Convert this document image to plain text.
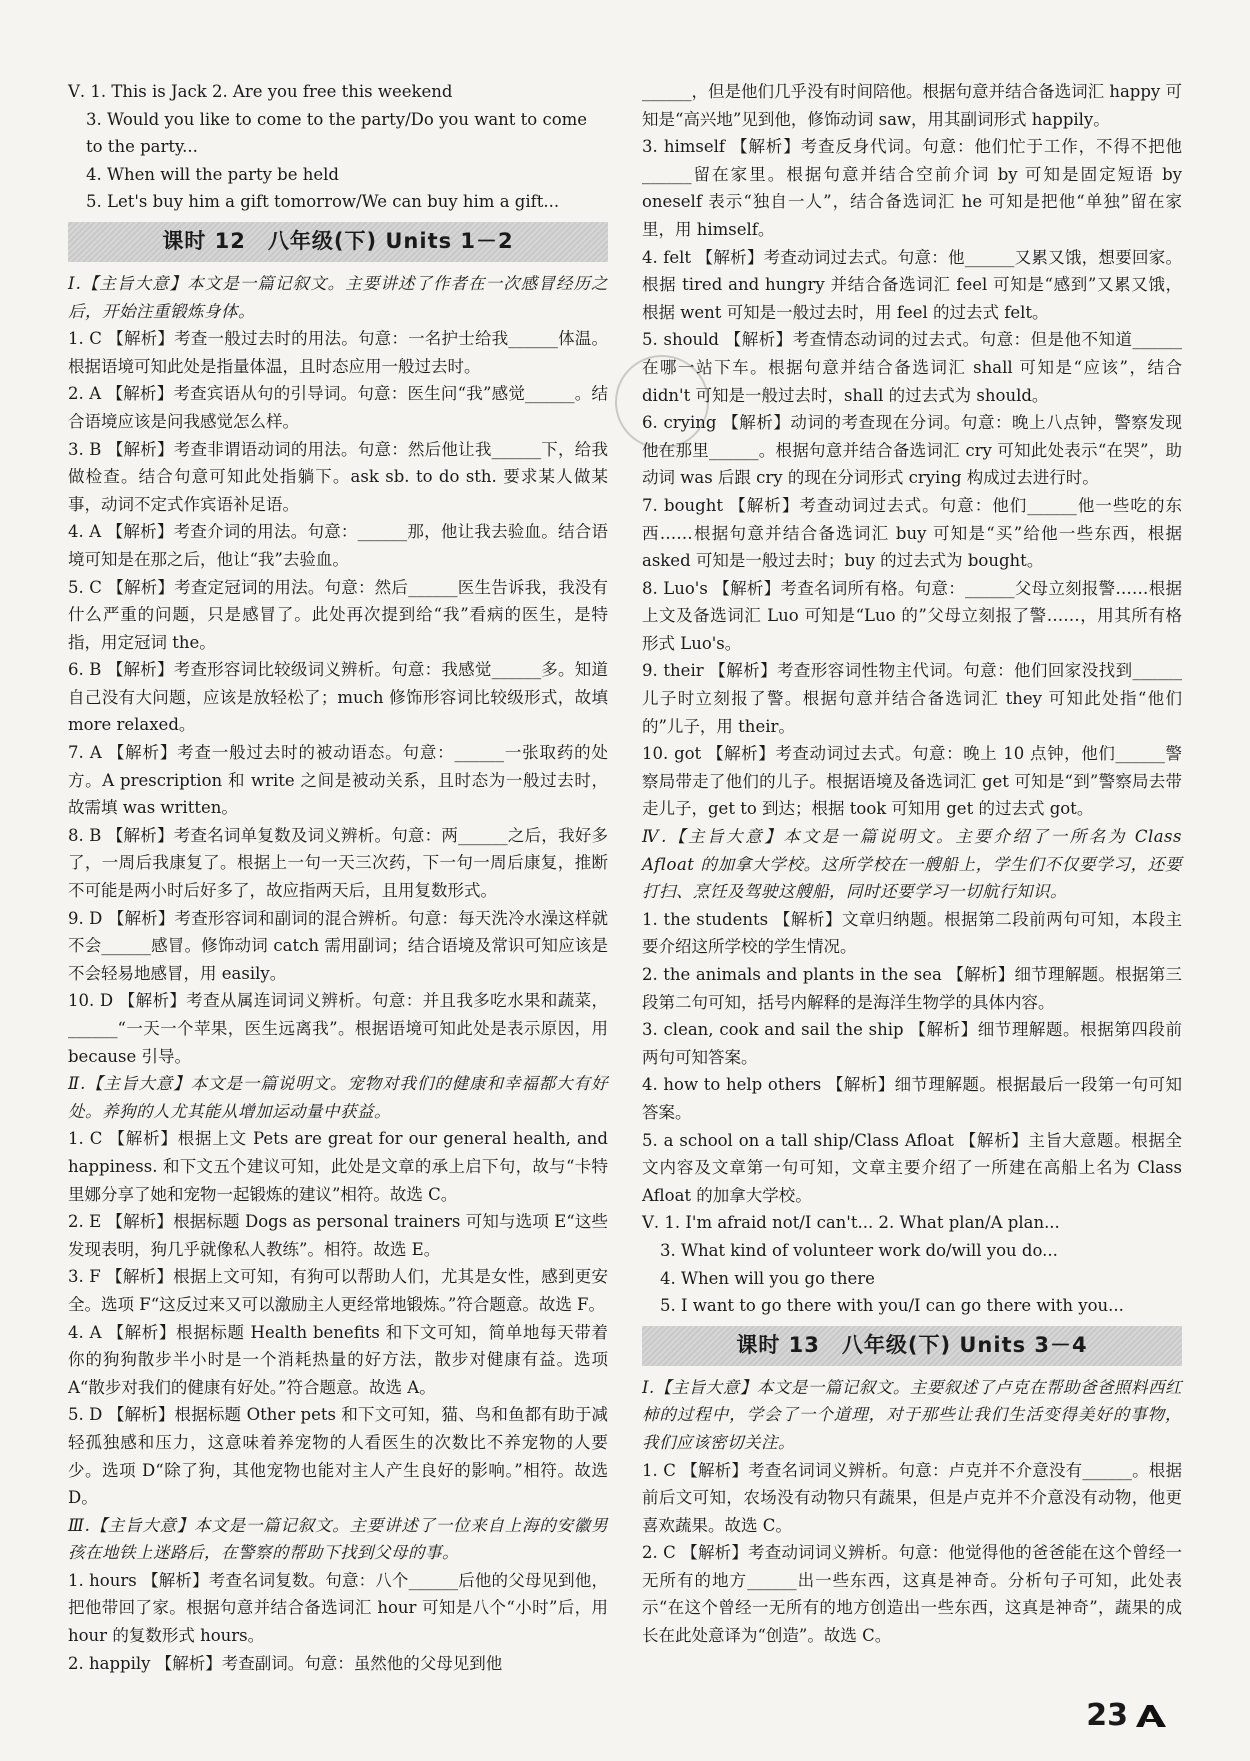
Ⅴ. 1. This is Jack 2. Are you free this weekend

3. Would you like to come to the party/Do you want to come

to the party...

4. When will the party be held

5. Let's buy him a gift tomorrow/We can buy him a gift...

课时 12　八年级(下) Units 1－2

Ⅰ.【主旨大意】本文是一篇记叙文。主要讲述了作者在一次感冒经历之后，开始注重锻炼身体。

1. C 【解析】考查一般过去时的用法。句意：一名护士给我______体温。根据语境可知此处是指量体温，且时态应用一般过去时。

2. A 【解析】考查宾语从句的引导词。句意：医生问“我”感觉______。结合语境应该是问我感觉怎么样。

3. B 【解析】考查非谓语动词的用法。句意：然后他让我______下，给我做检查。结合句意可知此处指躺下。ask sb. to do sth. 要求某人做某事，动词不定式作宾语补足语。

4. A 【解析】考查介词的用法。句意：______那，他让我去验血。结合语境可知是在那之后，他让“我”去验血。

5. C 【解析】考查定冠词的用法。句意：然后______医生告诉我，我没有什么严重的问题，只是感冒了。此处再次提到给“我”看病的医生，是特指，用定冠词 the。

6. B 【解析】考查形容词比较级词义辨析。句意：我感觉______多。知道自己没有大问题，应该是放轻松了；much 修饰形容词比较级形式，故填 more relaxed。

7. A 【解析】考查一般过去时的被动语态。句意：______一张取药的处方。A prescription 和 write 之间是被动关系，且时态为一般过去时，故需填 was written。

8. B 【解析】考查名词单复数及词义辨析。句意：两______之后，我好多了，一周后我康复了。根据上一句一天三次药，下一句一周后康复，推断不可能是两小时后好多了，故应指两天后，且用复数形式。

9. D 【解析】考查形容词和副词的混合辨析。句意：每天洗冷水澡这样就不会______感冒。修饰动词 catch 需用副词；结合语境及常识可知应该是不会轻易地感冒，用 easily。

10. D 【解析】考查从属连词词义辨析。句意：并且我多吃水果和蔬菜，______“一天一个苹果，医生远离我”。根据语境可知此处是表示原因，用 because 引导。

Ⅱ.【主旨大意】本文是一篇说明文。宠物对我们的健康和幸福都大有好处。养狗的人尤其能从增加运动量中获益。

1. C 【解析】根据上文 Pets are great for our general health, and happiness. 和下文五个建议可知，此处是文章的承上启下句，故与“卡特里娜分享了她和宠物一起锻炼的建议”相符。故选 C。

2. E 【解析】根据标题 Dogs as personal trainers 可知与选项 E“这些发现表明，狗几乎就像私人教练”。相符。故选 E。

3. F 【解析】根据上文可知，有狗可以帮助人们，尤其是女性，感到更安全。选项 F“这反过来又可以激励主人更经常地锻炼。”符合题意。故选 F。

4. A 【解析】根据标题 Health benefits 和下文可知，简单地每天带着你的狗狗散步半小时是一个消耗热量的好方法，散步对健康有益。选项 A“散步对我们的健康有好处。”符合题意。故选 A。

5. D 【解析】根据标题 Other pets 和下文可知，猫、鸟和鱼都有助于减轻孤独感和压力，这意味着养宠物的人看医生的次数比不养宠物的人要少。选项 D“除了狗，其他宠物也能对主人产生良好的影响。”相符。故选 D。

Ⅲ.【主旨大意】本文是一篇记叙文。主要讲述了一位来自上海的安徽男孩在地铁上迷路后，在警察的帮助下找到父母的事。

1. hours 【解析】考查名词复数。句意：八个______后他的父母见到他，把他带回了家。根据句意并结合备选词汇 hour 可知是八个“小时”后，用 hour 的复数形式 hours。

2. happily 【解析】考查副词。句意：虽然他的父母见到他

______，但是他们几乎没有时间陪他。根据句意并结合备选词汇 happy 可知是“高兴地”见到他，修饰动词 saw，用其副词形式 happily。

3. himself 【解析】考查反身代词。句意：他们忙于工作，不得不把他______留在家里。根据句意并结合空前介词 by 可知是固定短语 by oneself 表示“独自一人”，结合备选词汇 he 可知是把他“单独”留在家里，用 himself。

4. felt 【解析】考查动词过去式。句意：他______又累又饿，想要回家。根据 tired and hungry 并结合备选词汇 feel 可知是“感到”又累又饿，根据 went 可知是一般过去时，用 feel 的过去式 felt。

5. should 【解析】考查情态动词的过去式。句意：但是他不知道______在哪一站下车。根据句意并结合备选词汇 shall 可知是“应该”，结合 didn't 可知是一般过去时，shall 的过去式为 should。

6. crying 【解析】动词的考查现在分词。句意：晚上八点钟，警察发现他在那里______。根据句意并结合备选词汇 cry 可知此处表示“在哭”，助动词 was 后跟 cry 的现在分词形式 crying 构成过去进行时。

7. bought 【解析】考查动词过去式。句意：他们______他一些吃的东西……根据句意并结合备选词汇 buy 可知是“买”给他一些东西，根据 asked 可知是一般过去时；buy 的过去式为 bought。

8. Luo's 【解析】考查名词所有格。句意：______父母立刻报警……根据上文及备选词汇 Luo 可知是“Luo 的”父母立刻报了警……，用其所有格形式 Luo's。

9. their 【解析】考查形容词性物主代词。句意：他们回家没找到______儿子时立刻报了警。根据句意并结合备选词汇 they 可知此处指“他们的”儿子，用 their。

10. got 【解析】考查动词过去式。句意：晚上 10 点钟，他们______警察局带走了他们的儿子。根据语境及备选词汇 get 可知是“到”警察局去带走儿子，get to 到达；根据 took 可知用 get 的过去式 got。

Ⅳ.【主旨大意】本文是一篇说明文。主要介绍了一所名为 Class Afloat 的加拿大学校。这所学校在一艘船上，学生们不仅要学习，还要打扫、烹饪及驾驶这艘船，同时还要学习一切航行知识。

1. the students 【解析】文章归纳题。根据第二段前两句可知，本段主要介绍这所学校的学生情况。

2. the animals and plants in the sea 【解析】细节理解题。根据第三段第二句可知，括号内解释的是海洋生物学的具体内容。

3. clean, cook and sail the ship 【解析】细节理解题。根据第四段前两句可知答案。

4. how to help others 【解析】细节理解题。根据最后一段第一句可知答案。

5. a school on a tall ship/Class Afloat 【解析】主旨大意题。根据全文内容及文章第一句可知，文章主要介绍了一所建在高船上名为 Class Afloat 的加拿大学校。

Ⅴ. 1. I'm afraid not/I can't... 2. What plan/A plan...

3. What kind of volunteer work do/will you do...

4. When will you go there

5. I want to go there with you/I can go there with you...

课时 13　八年级(下) Units 3－4

Ⅰ.【主旨大意】本文是一篇记叙文。主要叙述了卢克在帮助爸爸照料西红柿的过程中，学会了一个道理，对于那些让我们生活变得美好的事物，我们应该密切关注。

1. C 【解析】考查名词词义辨析。句意：卢克并不介意没有______。根据前后文可知，农场没有动物只有蔬果，但是卢克并不介意没有动物，他更喜欢蔬果。故选 C。

2. C 【解析】考查动词词义辨析。句意：他觉得他的爸爸能在这个曾经一无所有的地方______出一些东西，这真是神奇。分析句子可知，此处表示“在这个曾经一无所有的地方创造出一些东西，这真是神奇”，蔬果的成长在此处意译为“创造”。故选 C。

23
